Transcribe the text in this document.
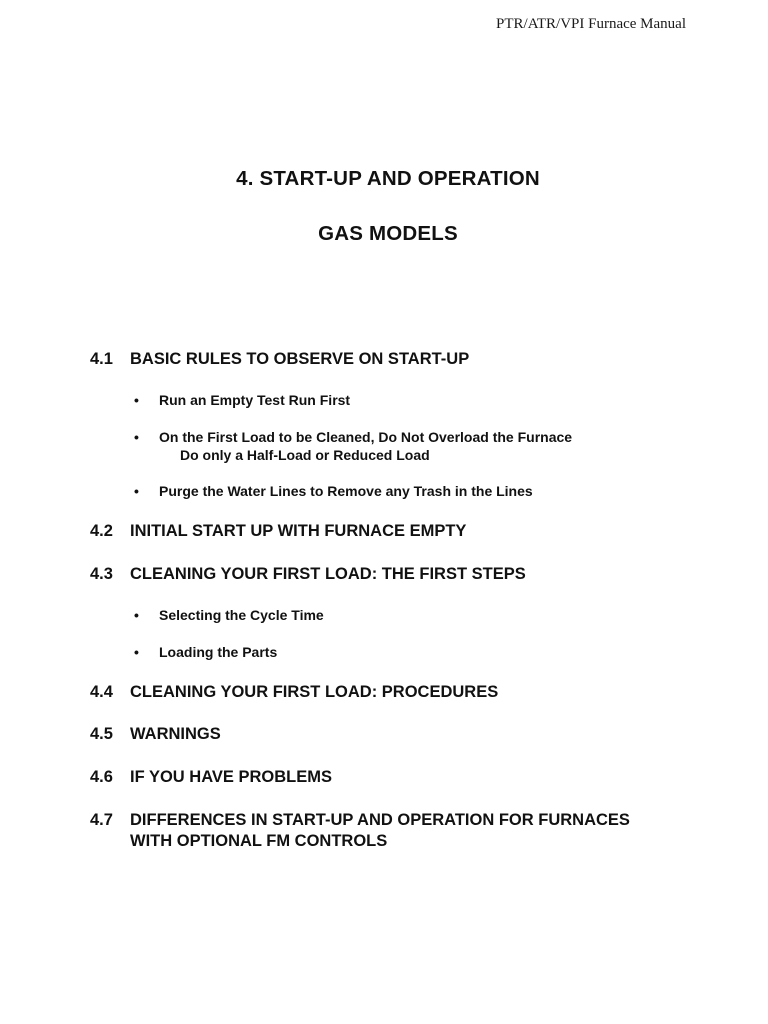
PTR/ATR/VPI Furnace Manual
4. START-UP AND OPERATION
GAS MODELS
4.1	BASIC RULES TO OBSERVE ON START-UP
•	Run an Empty Test Run First
•	On the First Load to be Cleaned, Do Not Overload the Furnace
Do only a Half-Load or Reduced Load
•	Purge the Water Lines to Remove any Trash in the Lines
4.2	INITIAL START UP WITH FURNACE EMPTY
4.3	CLEANING YOUR FIRST LOAD: THE FIRST STEPS
•	Selecting the Cycle Time
•	Loading the Parts
4.4	CLEANING YOUR FIRST LOAD: PROCEDURES
4.5	WARNINGS
4.6	IF YOU HAVE PROBLEMS
4.7	DIFFERENCES IN START-UP AND OPERATION FOR FURNACES
WITH OPTIONAL FM CONTROLS
